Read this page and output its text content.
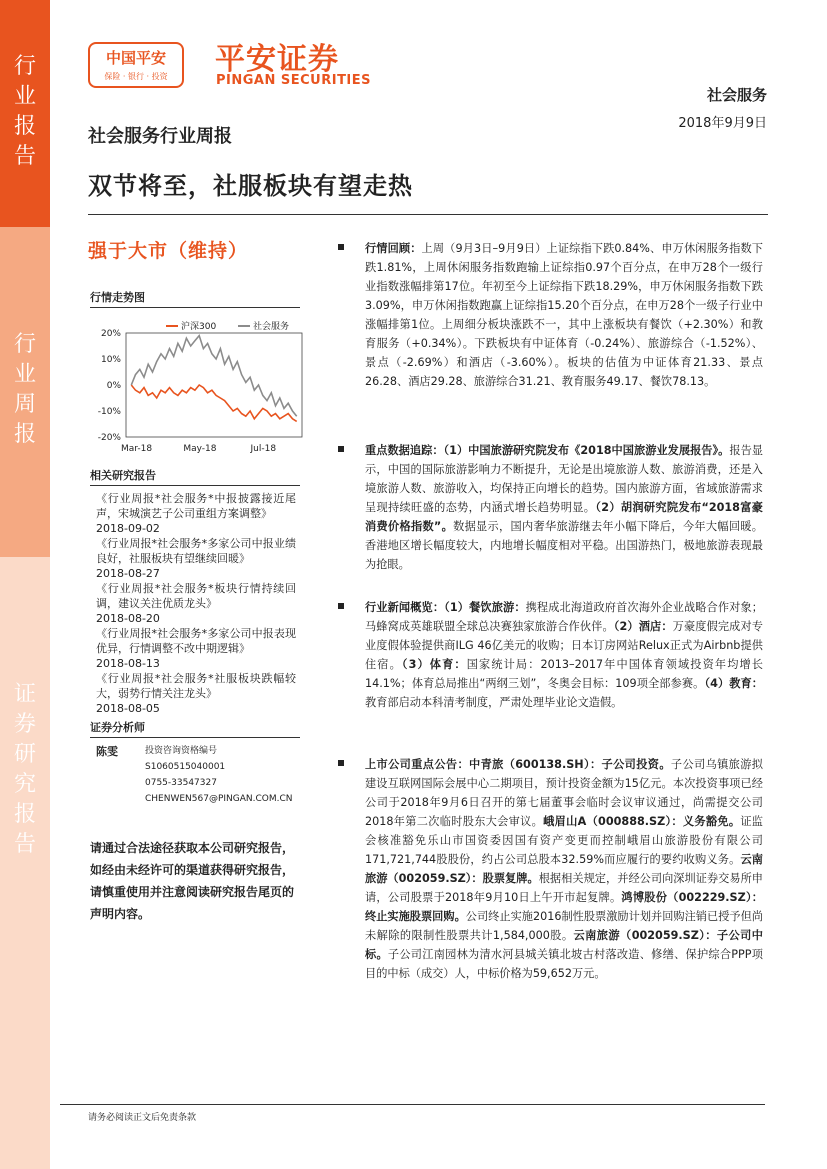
行
业
报
告
行
业
周
报
证
券
研
究
报
告
中国平安
保险 · 银行 · 投资	平安证券
PINGAN SECURITIES
社会服务
2018年9月9日
社会服务行业周报
双节将至，社服板块有望走热
强于大市（维持）
行情走势图
20%
10%
0%
-10%
-20%
Mar-18	May-18	Jul-18
沪深300	社会服务
相关研究报告
《行业周报*社会服务*中报披露接近尾声，宋城演艺子公司重组方案调整》
2018-09-02
《行业周报*社会服务*多家公司中报业绩良好，社服板块有望继续回暖》
2018-08-27
《行业周报*社会服务*板块行情持续回调，建议关注优质龙头》
2018-08-20
《行业周报*社会服务*多家公司中报表现优异，行情调整不改中期逻辑》
2018-08-13
《行业周报*社会服务*社服板块跌幅较大，弱势行情关注龙头》
2018-08-05
证券分析师
陈雯	投资咨询资格编号
S1060515040001
0755-33547327
CHENWEN567@PINGAN.COM.CN
请通过合法途径获取本公司研究报告，如经由未经许可的渠道获得研究报告，请慎重使用并注意阅读研究报告尾页的声明内容。
行情回顾：上周（9月3日–9月9日）上证综指下跌0.84%、申万休闲服务指数下跌1.81%，上周休闲服务指数跑输上证综指0.97个百分点，在申万28个一级行业指数涨幅排第17位。年初至今上证综指下跌18.29%，申万休闲服务指数下跌3.09%，申万休闲指数跑赢上证综指15.20个百分点，在申万28个一级子行业中涨幅排第1位。上周细分板块涨跌不一，其中上涨板块有餐饮（+2.30%）和教育服务（+0.34%）。下跌板块有中证体育（-0.24%）、旅游综合（-1.52%）、景点（-2.69%）和酒店（-3.60%）。板块的估值为中证体育21.33、景点26.28、酒店29.28、旅游综合31.21、教育服务49.17、餐饮78.13。
重点数据追踪：（1）中国旅游研究院发布《2018中国旅游业发展报告》。报告显示，中国的国际旅游影响力不断提升，无论是出境旅游人数、旅游消费，还是入境旅游人数、旅游收入，均保持正向增长的趋势。国内旅游方面，省域旅游需求呈现持续旺盛的态势，内涵式增长趋势明显。（2）胡润研究院发布“2018富豪消费价格指数”。数据显示，国内奢华旅游继去年小幅下降后，今年大幅回暖。香港地区增长幅度较大，内地增长幅度相对平稳。出国游热门，极地旅游表现最为抢眼。
行业新闻概览：（1）餐饮旅游：携程成北海道政府首次海外企业战略合作对象；马蜂窝成英雄联盟全球总决赛独家旅游合作伙伴。（2）酒店：万豪度假完成对专业度假体验提供商ILG 46亿美元的收购；日本订房网站Relux正式为Airbnb提供住宿。（3）体育：国家统计局：2013–2017年中国体育领域投资年均增长14.1%；体育总局推出“两纲三划”，冬奥会目标：109项全部参赛。（4）教育：教育部启动本科清考制度，严肃处理毕业论文造假。
上市公司重点公告：中青旅（600138.SH）：子公司投资。子公司乌镇旅游拟建设互联网国际会展中心二期项目，预计投资金额为15亿元。本次投资事项已经公司于2018年9月6日召开的第七届董事会临时会议审议通过，尚需提交公司2018年第二次临时股东大会审议。峨眉山A（000888.SZ）：义务豁免。证监会核准豁免乐山市国资委因国有资产变更而控制峨眉山旅游股份有限公司171,721,744股股份，约占公司总股本32.59%而应履行的要约收购义务。云南旅游（002059.SZ）：股票复牌。根据相关规定，并经公司向深圳证券交易所申请，公司股票于2018年9月10日上午开市起复牌。鸿博股份（002229.SZ）：终止实施股票回购。公司终止实施2016制性股票激励计划并回购注销已授予但尚未解除的限制性股票共计1,584,000股。云南旅游（002059.SZ）：子公司中标。子公司江南园林为清水河县城关镇北坡古村落改造、修缮、保护综合PPP项目的中标（成交）人，中标价格为59,652万元。
请务必阅读正文后免责条款
